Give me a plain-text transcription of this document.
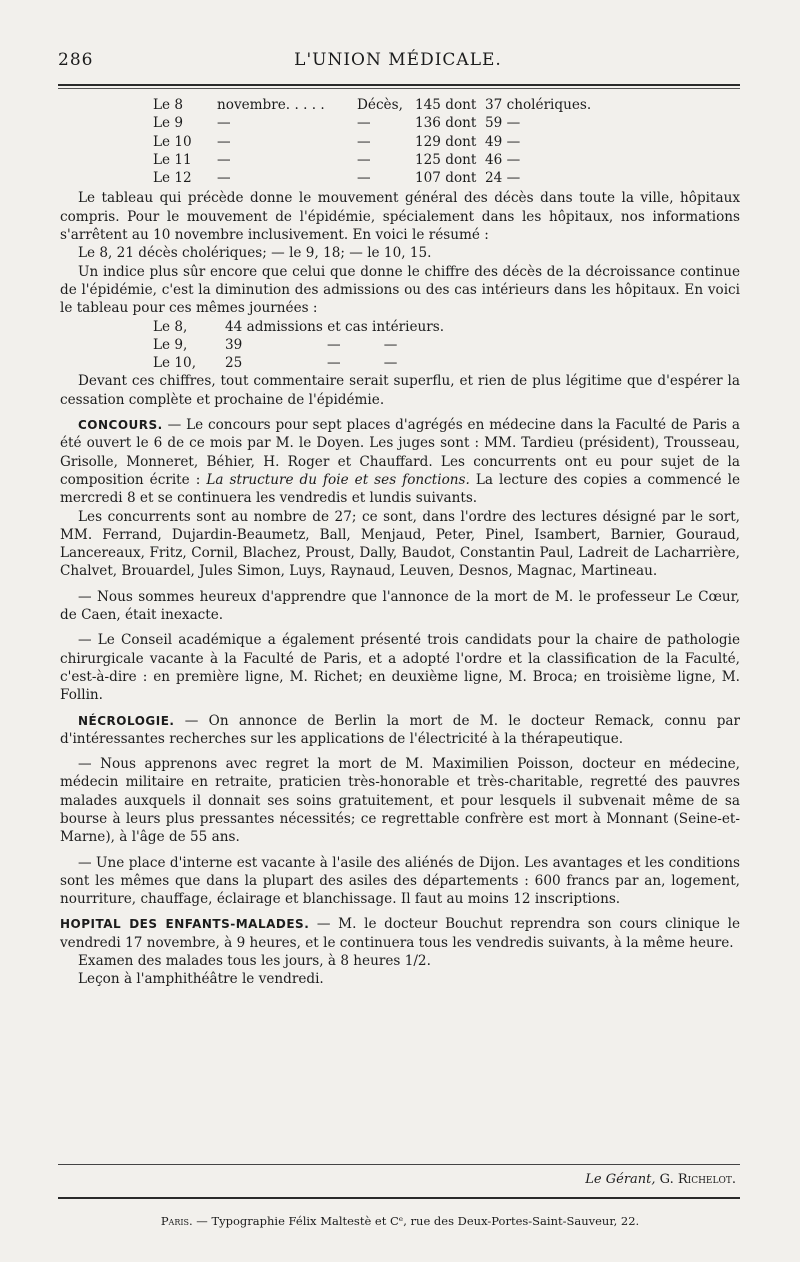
286	L'UNION MÉDICALE.
Le 8	novembre. . . . .	Décès, 145 dont 37 cholériques.
Le 9	—	—	136 dont 59 —
Le 10	—	—	129 dont 49 —
Le 11	—	—	125 dont 46 —
Le 12	—	—	107 dont 24 —

Le tableau qui précède donne le mouvement général des décès dans toute la ville, hôpitaux compris. Pour le mouvement de l'épidémie, spécialement dans les hôpitaux, nos informations s'arrêtent au 10 novembre inclusivement. En voici le résumé :

Le 8, 21 décès cholériques; — le 9, 18; — le 10, 15.

Un indice plus sûr encore que celui que donne le chiffre des décès de la décroissance continue de l'épidémie, c'est la diminution des admissions ou des cas intérieurs dans les hôpitaux. En voici le tableau pour ces mêmes journées :

Le 8,	44 admissions et cas intérieurs.
Le 9,	39	—          —
Le 10,	25	—          —

Devant ces chiffres, tout commentaire serait superflu, et rien de plus légitime que d'espérer la cessation complète et prochaine de l'épidémie.

CONCOURS. — Le concours pour sept places d'agrégés en médecine dans la Faculté de Paris a été ouvert le 6 de ce mois par M. le Doyen. Les juges sont : MM. Tardieu (président), Trousseau, Grisolle, Monneret, Béhier, H. Roger et Chauffard. Les concurrents ont eu pour sujet de la composition écrite : La structure du foie et ses fonctions. La lecture des copies a commencé le mercredi 8 et se continuera les vendredis et lundis suivants.

Les concurrents sont au nombre de 27; ce sont, dans l'ordre des lectures désigné par le sort, MM. Ferrand, Dujardin-Beaumetz, Ball, Menjaud, Peter, Pinel, Isambert, Barnier, Gouraud, Lancereaux, Fritz, Cornil, Blachez, Proust, Dally, Baudot, Constantin Paul, Ladreit de Lacharrière, Chalvet, Brouardel, Jules Simon, Luys, Raynaud, Leuven, Desnos, Magnac, Martineau.

— Nous sommes heureux d'apprendre que l'annonce de la mort de M. le professeur Le Cœur, de Caen, était inexacte.

— Le Conseil académique a également présenté trois candidats pour la chaire de pathologie chirurgicale vacante à la Faculté de Paris, et a adopté l'ordre et la classification de la Faculté, c'est-à-dire : en première ligne, M. Richet; en deuxième ligne, M. Broca; en troisième ligne, M. Follin.

NÉCROLOGIE. — On annonce de Berlin la mort de M. le docteur Remack, connu par d'intéressantes recherches sur les applications de l'électricité à la thérapeutique.

— Nous apprenons avec regret la mort de M. Maximilien Poisson, docteur en médecine, médecin militaire en retraite, praticien très-honorable et très-charitable, regretté des pauvres malades auxquels il donnait ses soins gratuitement, et pour lesquels il subvenait même de sa bourse à leurs plus pressantes nécessités; ce regrettable confrère est mort à Monnant (Seine-et-Marne), à l'âge de 55 ans.

— Une place d'interne est vacante à l'asile des aliénés de Dijon. Les avantages et les conditions sont les mêmes que dans la plupart des asiles des départements : 600 francs par an, logement, nourriture, chauffage, éclairage et blanchissage. Il faut au moins 12 inscriptions.

HOPITAL DES ENFANTS-MALADES. — M. le docteur Bouchut reprendra son cours clinique le vendredi 17 novembre, à 9 heures, et le continuera tous les vendredis suivants, à la même heure.

Examen des malades tous les jours, à 8 heures 1/2.

Leçon à l'amphithéâtre le vendredi.

Le Gérant, G. Richelot.
Paris. — Typographie Félix Maltestè et Cᵉ, rue des Deux-Portes-Saint-Sauveur, 22.
